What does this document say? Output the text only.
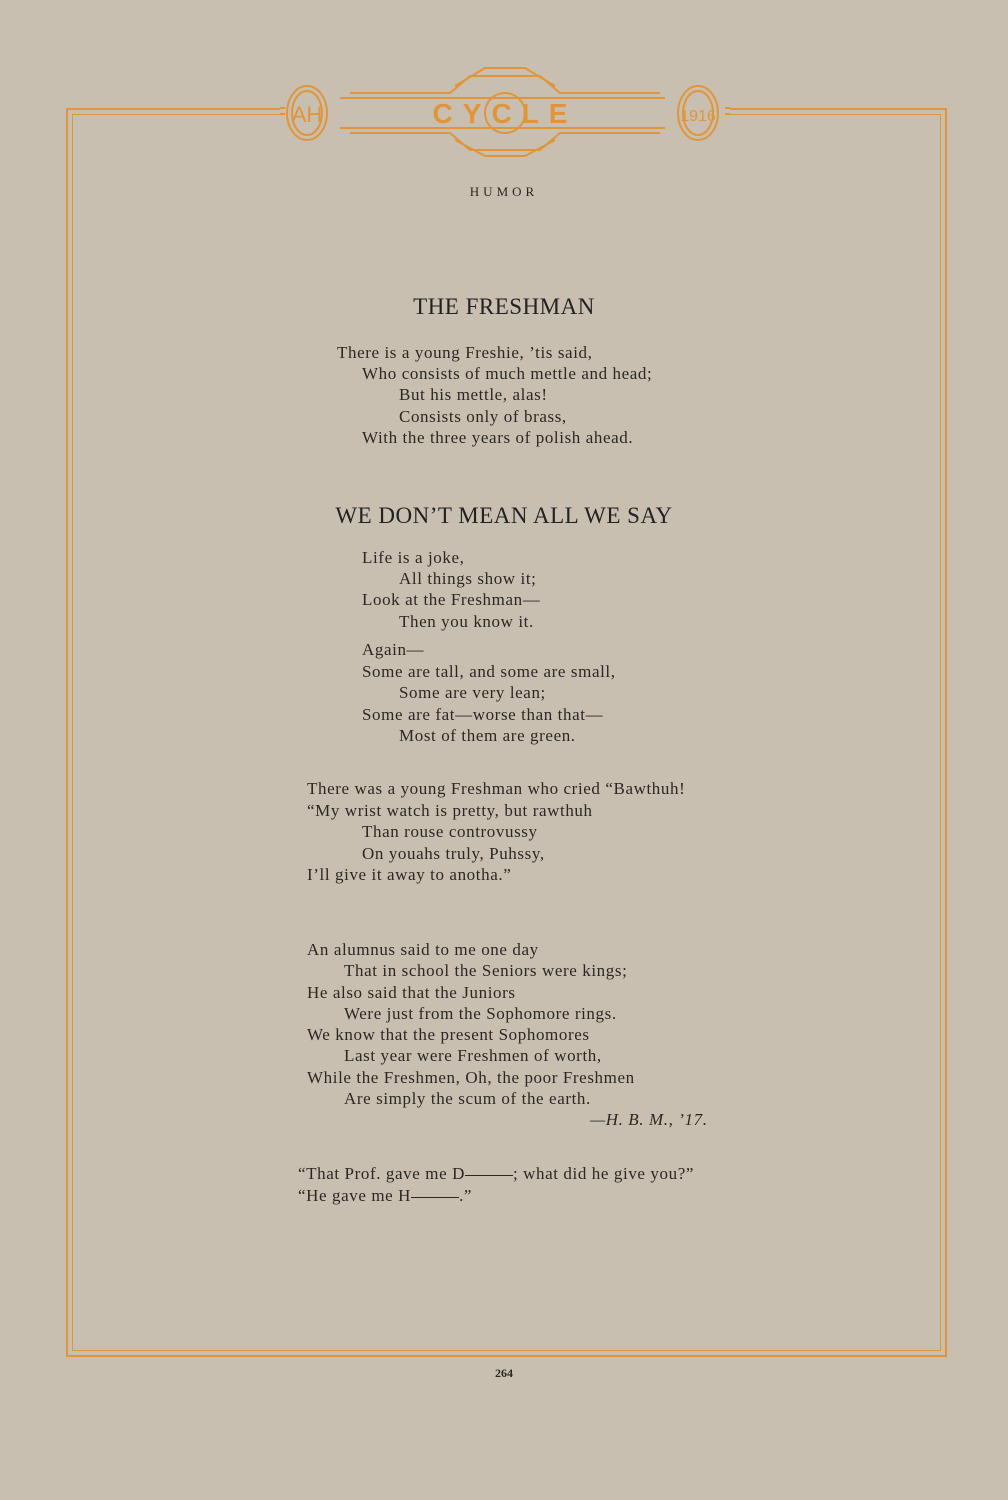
AH	CYCLE	1916
HUMOR
THE FRESHMAN
There is a young Freshie, ’tis said,
Who consists of much mettle and head;
But his mettle, alas!
Consists only of brass,
With the three years of polish ahead.
WE DON’T MEAN ALL WE SAY
Life is a joke,
All things show it;
Look at the Freshman—
Then you know it.
Again—
Some are tall, and some are small,
Some are very lean;
Some are fat—worse than that—
Most of them are green.
There was a young Freshman who cried “Bawthuh!
“My wrist watch is pretty, but rawthuh
Than rouse controvussy
On youahs truly, Puhssy,
I’ll give it away to anotha.”
An alumnus said to me one day
That in school the Seniors were kings;
He also said that the Juniors
Were just from the Sophomore rings.
We know that the present Sophomores
Last year were Freshmen of worth,
While the Freshmen, Oh, the poor Freshmen
Are simply the scum of the earth.
—H. B. M., ’17.
“That Prof. gave me D	; what did he give you?”
“He gave me H	.”
264
